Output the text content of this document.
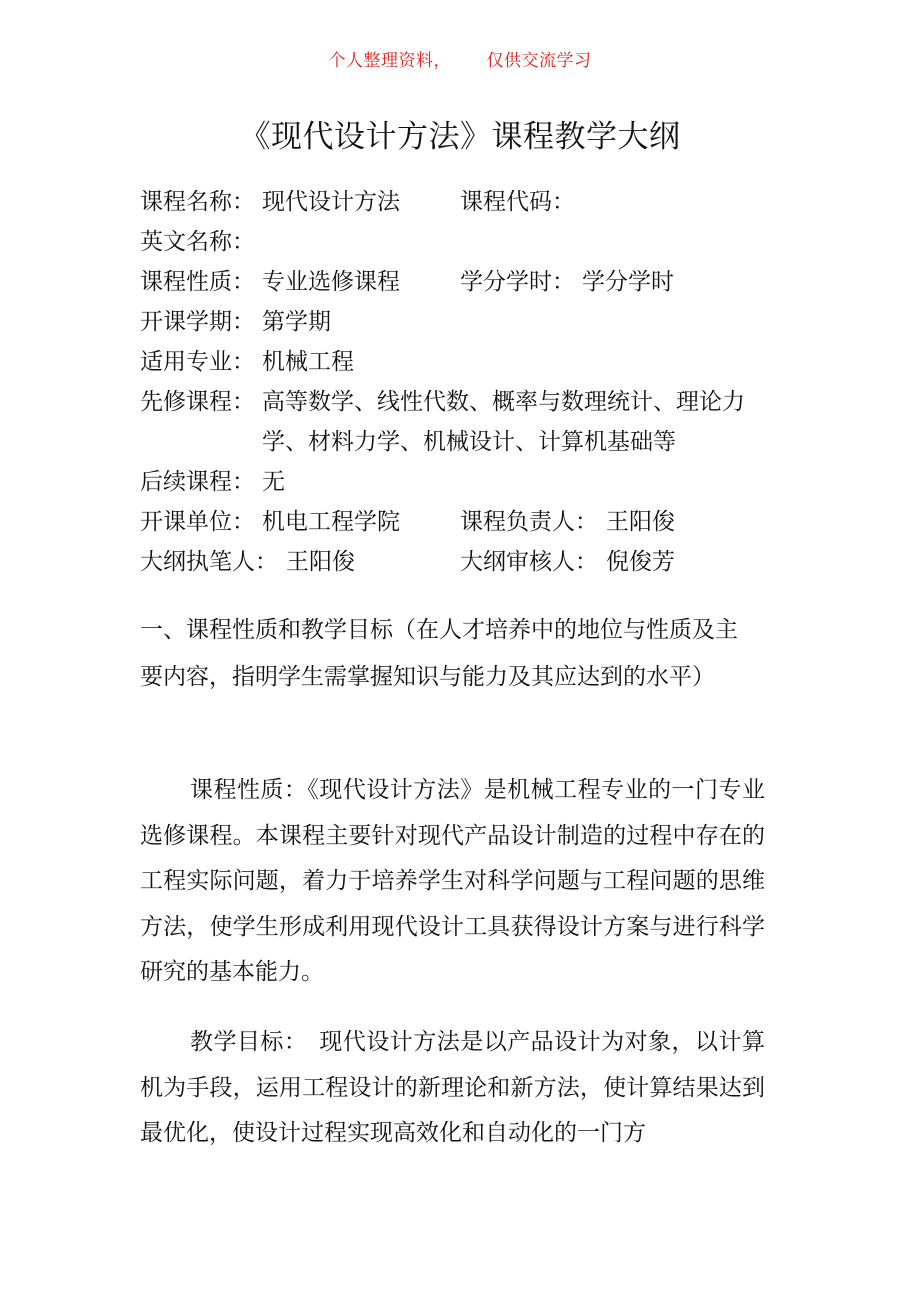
个人整理资料，      仅供交流学习
《现代设计方法》课程教学大纲
课程名称： 现代设计方法	课程代码：
英文名称：
课程性质： 专业选修课程	学分学时： 学分学时
开课学期： 第学期
适用专业： 机械工程
先修课程： 高等数学、线性代数、概率与数理统计、理论力学、材料力学、机械设计、计算机基础等
后续课程： 无
开课单位： 机电工程学院	课程负责人： 王阳俊
大纲执笔人： 王阳俊	大纲审核人： 倪俊芳
一、课程性质和教学目标（在人才培养中的地位与性质及主要内容，指明学生需掌握知识与能力及其应达到的水平）
课程性质：《现代设计方法》是机械工程专业的一门专业选修课程。本课程主要针对现代产品设计制造的过程中存在的工程实际问题，着力于培养学生对科学问题与工程问题的思维方法，使学生形成利用现代设计工具获得设计方案与进行科学研究的基本能力。
教学目标：　现代设计方法是以产品设计为对象，以计算机为手段，运用工程设计的新理论和新方法，使计算结果达到最优化，使设计过程实现高效化和自动化的一门方
